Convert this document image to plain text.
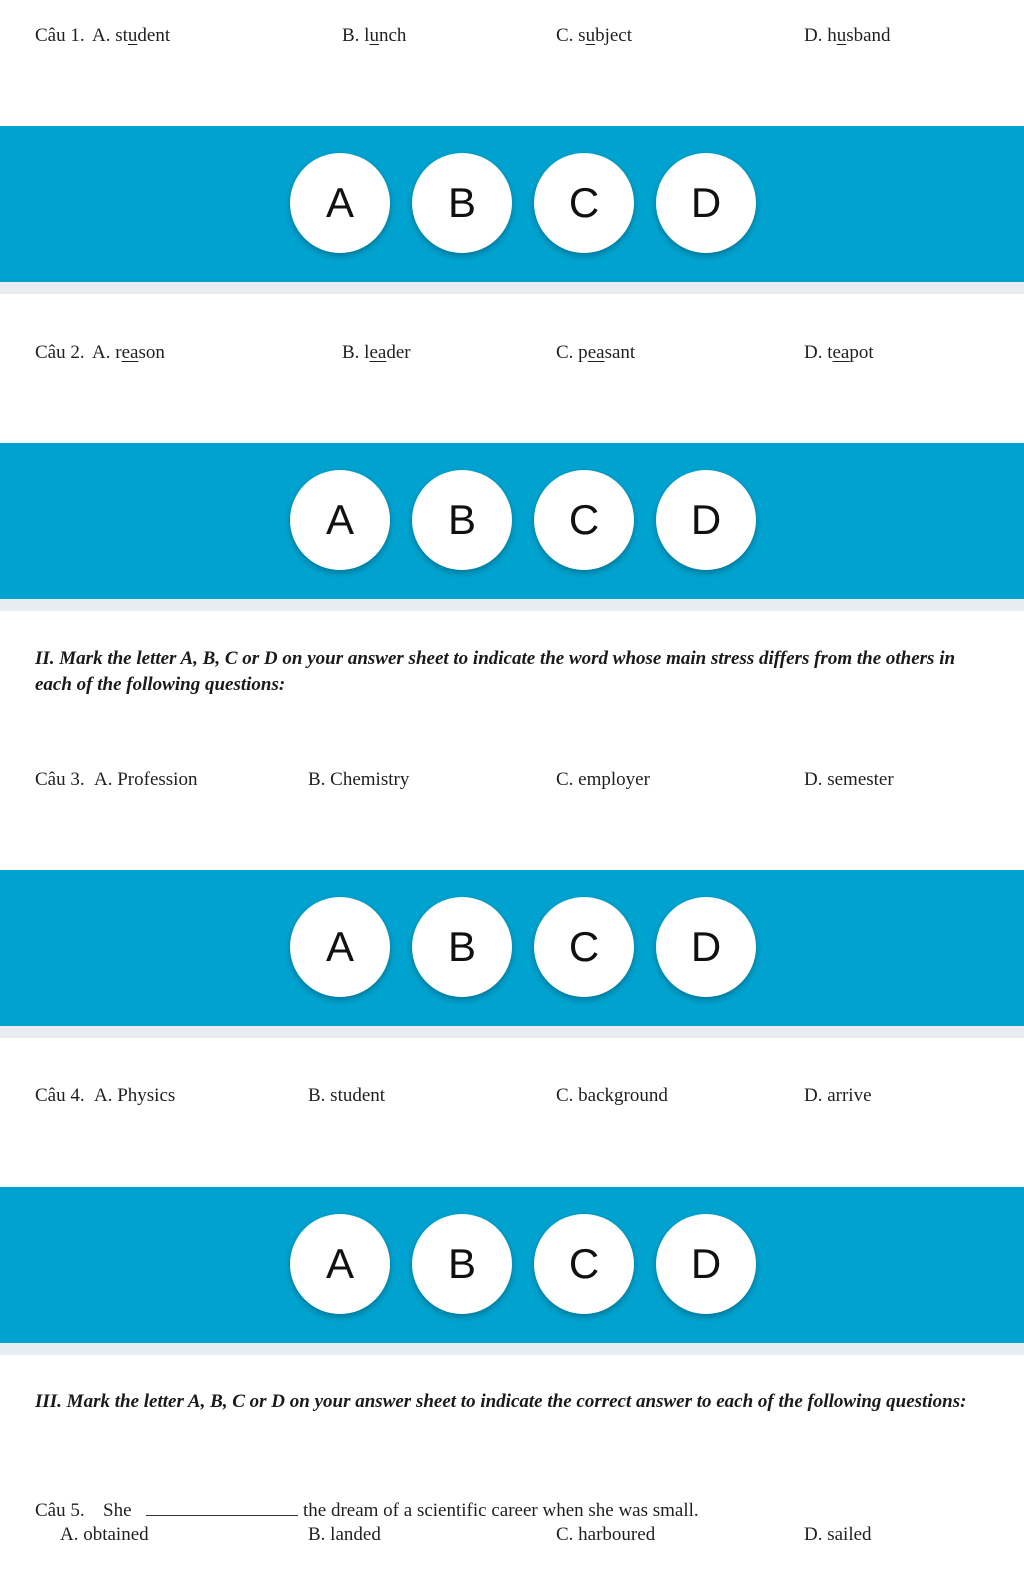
Câu 1. A. student	B. lunch	C. subject	D. husband
A	B	C	D
Câu 2. A. reason	B. leader	C. peasant	D. teapot
A	B	C	D
II. Mark the letter A, B, C or D on your answer sheet to indicate the word whose main stress differs from the others in each of the following questions:
Câu 3. A. Profession	B. Chemistry	C. employer	D. semester
A	B	C	D
Câu 4. A. Physics	B. student	C. background	D. arrive
A	B	C	D
III. Mark the letter A, B, C or D on your answer sheet to indicate the correct answer to each of the following questions:
Câu 5. She	the dream of a scientific career when she was small.
A. obtained	B. landed	C. harboured	D. sailed
